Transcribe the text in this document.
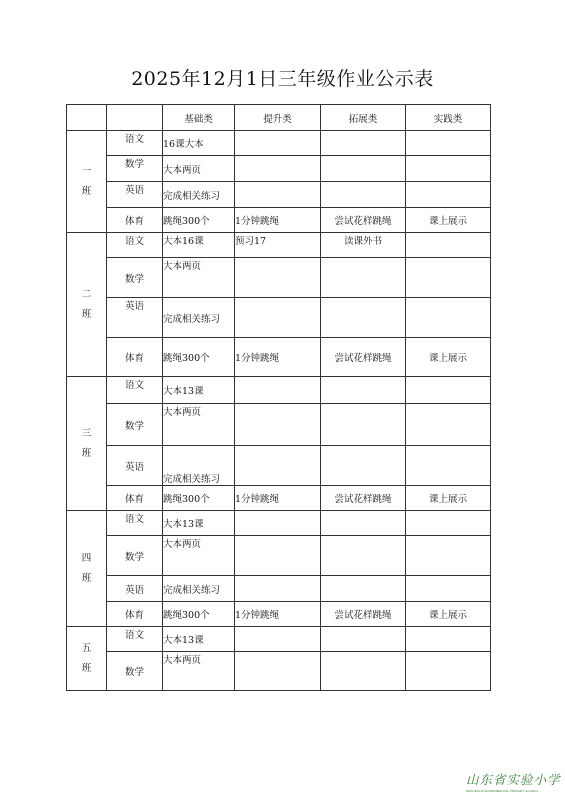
2025年12月1日三年级作业公示表
		基础类	提升类	拓展类	实践类

一
班	语文	16课大本			
	数学	大本两页			
	英语	完成相关练习			
	体育	跳绳300个	1分钟跳绳	尝试花样跳绳	课上展示

二
班	语文	大本16课	预习17	读课外书	
	数学	大本两页			
	英语	完成相关练习			
	体育	跳绳300个	1分钟跳绳	尝试花样跳绳	课上展示

三
班	语文	大本13课			
	数学	大本两页			
	英语	完成相关练习			
	体育	跳绳300个	1分钟跳绳	尝试花样跳绳	课上展示

四
班	语文	大本13课			
	数学	大本两页			
	英语	完成相关练习			
	体育	跳绳300个	1分钟跳绳	尝试花样跳绳	课上展示

五
班	语文	大本13课			
	数学	大本两页			
山东省实验小学
SHANDONG EXPERIMENTAL PRIMARY SCHOOL
